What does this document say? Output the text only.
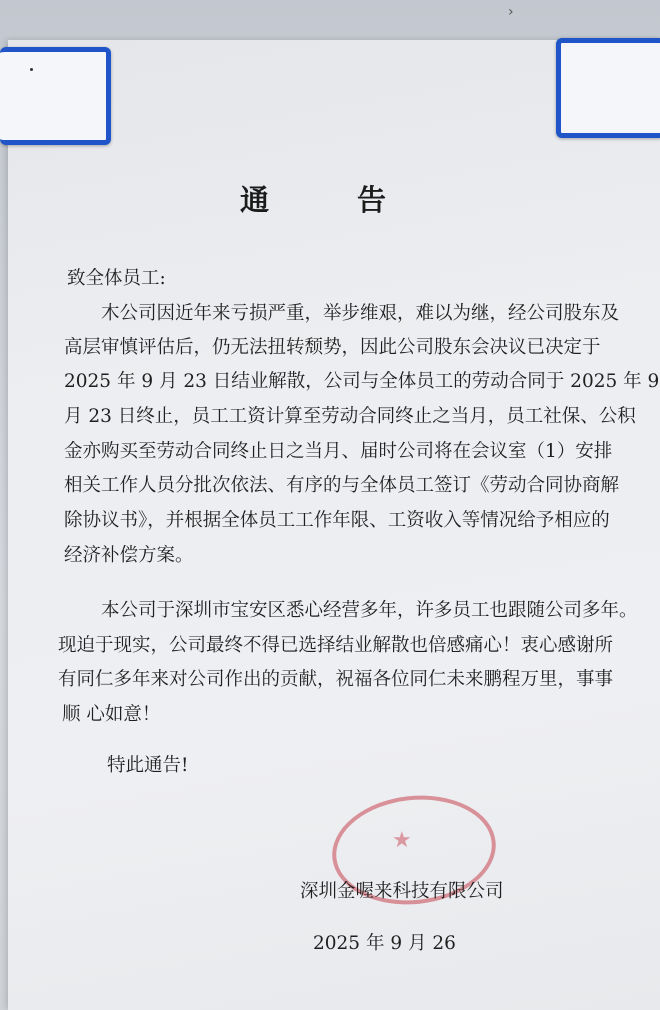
›
通告
致全体员工:
木公司因近年来亏损严重，举步维艰，难以为继，经公司股东及
高层审慎评估后，仍无法扭转颓势，因此公司股东会决议已决定于
2025 年 9 月 23 日结业解散，公司与全体员工的劳动合同于 2025 年 9
月 23 日终止，员工工资计算至劳动合同终止之当月，员工社保、公积
金亦购买至劳动合同终止日之当月、届时公司将在会议室（1）安排
相关工作人员分批次依法、有序的与全体员工签订《劳动合同协商解
除协议书》，并根据全体员工工作年限、工资收入等情况给予相应的
经济补偿方案。
本公司于深圳市宝安区悉心经营多年，许多员工也跟随公司多年。
现迫于现实，公司最终不得已选择结业解散也倍感痛心！衷心感谢所
有同仁多年来对公司作出的贡献，祝福各位同仁未来鹏程万里，事事
顺 心如意！
特此通告!
★
深圳金喔来科技有限公司
2025 年 9 月 26
